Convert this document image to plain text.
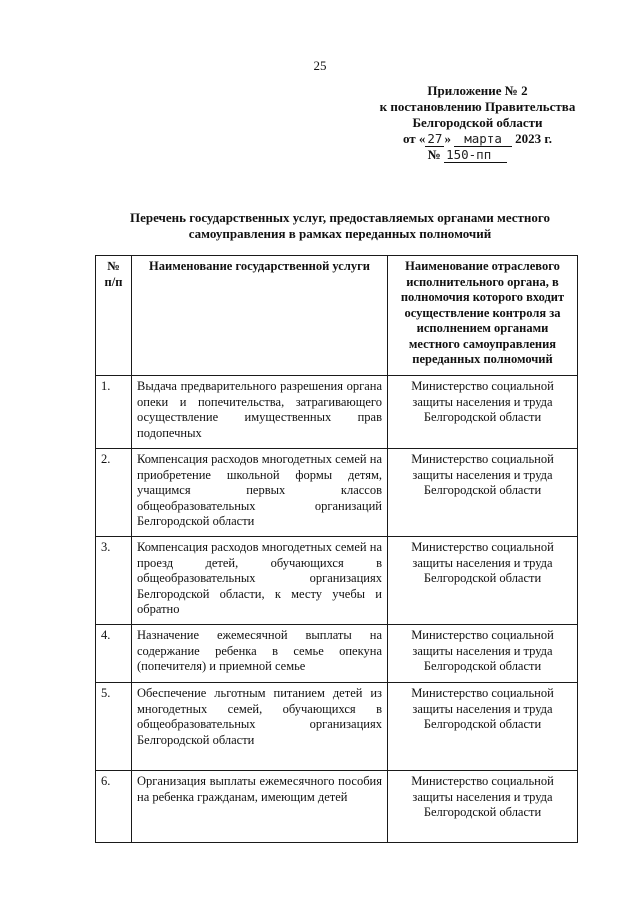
25
Приложение № 2
к постановлению Правительства
Белгородской области
от « 27 » марта 2023 г.
№ 150-пп
Перечень государственных услуг, предоставляемых органами местного
самоуправления в рамках переданных полномочий
№ п/п	Наименование государственной услуги	Наименование отраслевого исполнительного органа, в полномочия которого входит осуществление контроля за исполнением органами местного самоуправления переданных полномочий
1.	Выдача предварительного разрешения органа опеки и попечительства, затрагивающего осуществление имущественных прав подопечных	Министерство социальной защиты населения и труда Белгородской области
2.	Компенсация расходов многодетных семей на приобретение школьной формы детям, учащимся первых классов общеобразовательных организаций Белгородской области	Министерство социальной защиты населения и труда Белгородской области
3.	Компенсация расходов многодетных семей на проезд детей, обучающихся в общеобразовательных организациях Белгородской области, к месту учебы и обратно	Министерство социальной защиты населения и труда Белгородской области
4.	Назначение ежемесячной выплаты на содержание ребенка в семье опекуна (попечителя) и приемной семье	Министерство социальной защиты населения и труда Белгородской области
5.	Обеспечение льготным питанием детей из многодетных семей, обучающихся в общеобразовательных организациях Белгородской области	Министерство социальной защиты населения и труда Белгородской области
6.	Организация выплаты ежемесячного пособия на ребенка гражданам, имеющим детей	Министерство социальной защиты населения и труда Белгородской области
